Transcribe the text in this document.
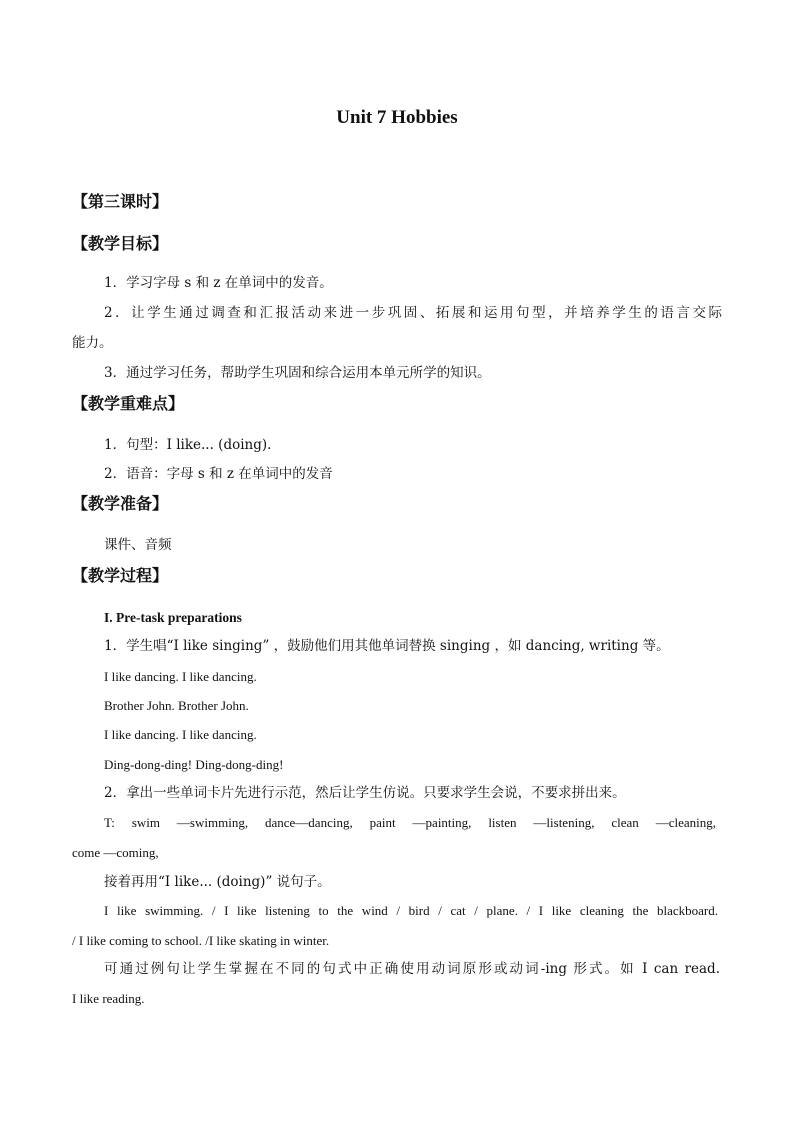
Unit 7 Hobbies
【第三课时】
【教学目标】
1．学习字母 s 和 z 在单词中的发音。
2．让学生通过调查和汇报活动来进一步巩固、拓展和运用句型，并培养学生的语言交际
能力。
3．通过学习任务，帮助学生巩固和综合运用本单元所学的知识。
【教学重难点】
1．句型：I like... (doing).
2．语音：字母 s 和 z 在单词中的发音
【教学准备】
课件、音频
【教学过程】
I. Pre-task preparations
1．学生唱“I like singing” ，鼓励他们用其他单词替换 singing ，如 dancing, writing 等。
I like dancing. I like dancing.
Brother John. Brother John.
I like dancing. I like dancing.
Ding-dong-ding! Ding-dong-ding!
2．拿出一些单词卡片先进行示范，然后让学生仿说。只要求学生会说，不要求拼出来。
T: swim —swimming, dance—dancing, paint —painting, listen —listening, clean —cleaning,
come —coming,
接着再用“I like... (doing)” 说句子。
I like swimming. / I like listening to the wind / bird / cat / plane. / I like cleaning the blackboard.
/ I like coming to school. /I like skating in winter.
可通过例句让学生掌握在不同的句式中正确使用动词原形或动词-ing 形式。如 I can read.
I like reading.
